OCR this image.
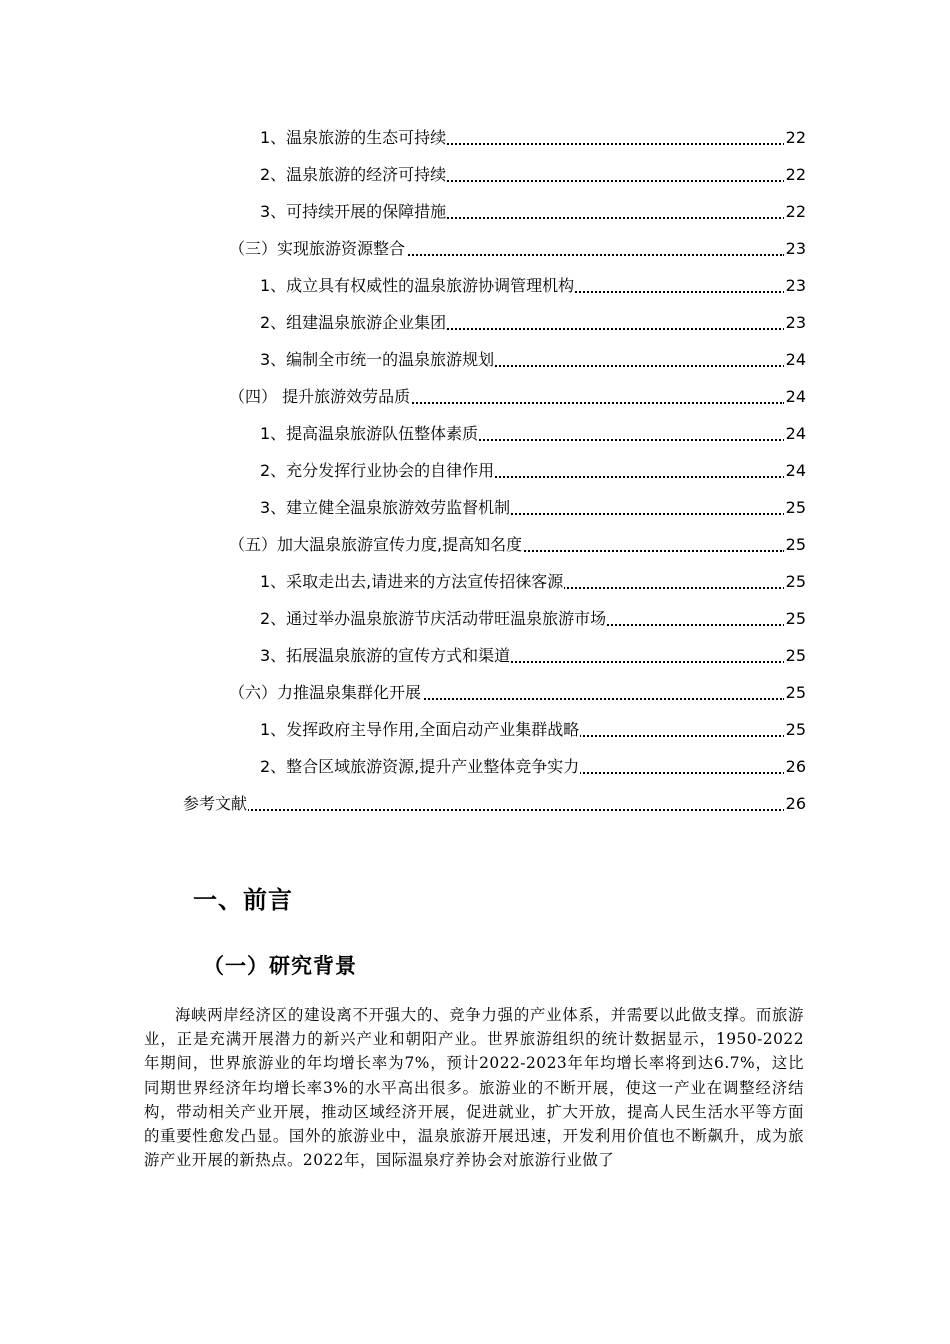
1、温泉旅游的生态可持续	22
2、温泉旅游的经济可持续	22
3、可持续开展的保障措施	22
（三）实现旅游资源整合	23
1、成立具有权威性的温泉旅游协调管理机构	23
2、组建温泉旅游企业集团	23
3、编制全市统一的温泉旅游规划	24
（四） 提升旅游效劳品质	24
1、提高温泉旅游队伍整体素质	24
2、充分发挥行业协会的自律作用	24
3、建立健全温泉旅游效劳监督机制	25
（五）加大温泉旅游宣传力度,提高知名度	25
1、采取走出去,请进来的方法宣传招徕客源	25
2、通过举办温泉旅游节庆活动带旺温泉旅游市场	25
3、拓展温泉旅游的宣传方式和渠道	25
（六）力推温泉集群化开展	25
1、发挥政府主导作用,全面启动产业集群战略	25
2、整合区域旅游资源,提升产业整体竞争实力	26
参考文献	26
一、前言
（一）研究背景
海峡两岸经济区的建设离不开强大的、竞争力强的产业体系，并需要以此做支撑。而旅游业，正是充满开展潜力的新兴产业和朝阳产业。世界旅游组织的统计数据显示，1950-2022年期间，世界旅游业的年均增长率为7%，预计2022-2023年年均增长率将到达6.7%，这比同期世界经济年均增长率3%的水平高出很多。旅游业的不断开展，使这一产业在调整经济结构，带动相关产业开展，推动区域经济开展，促进就业，扩大开放，提高人民生活水平等方面的重要性愈发凸显。国外的旅游业中，温泉旅游开展迅速，开发利用价值也不断飙升，成为旅游产业开展的新热点。2022年，国际温泉疗养协会对旅游行业做了
